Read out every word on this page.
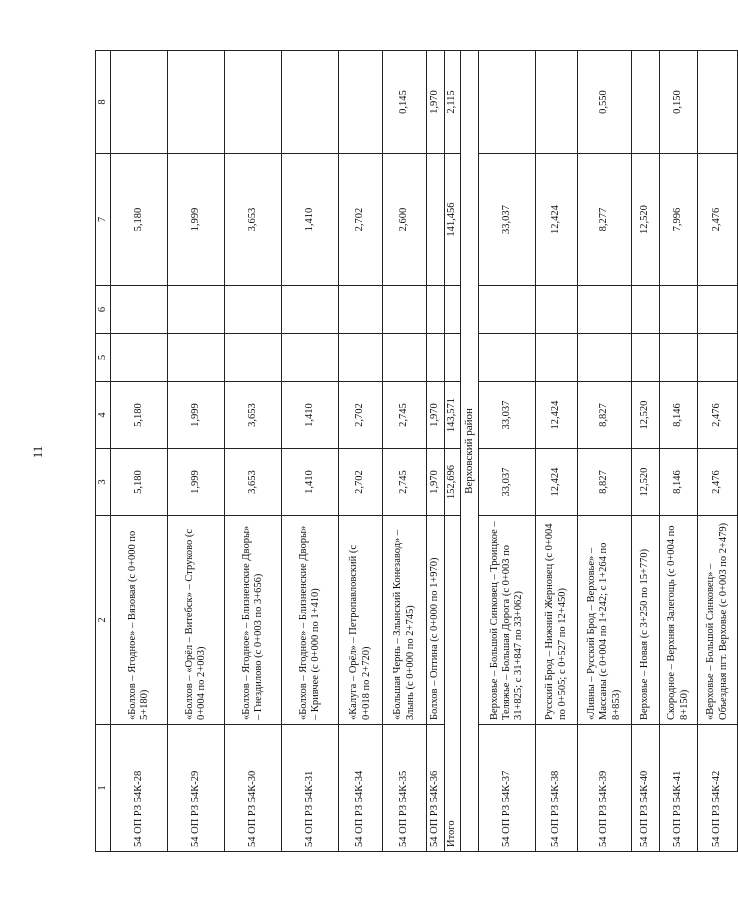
11
1	2	3	4	5	6	7	8
54 ОП РЗ 54К-28	«Болхов – Ягодное» – Вязовая (с 0+000 по 5+180)	5,180	5,180			5,180	
54 ОП РЗ 54К-29	«Болхов – «Орёл – Витебск» – Струково (с 0+004 по 2+003)	1,999	1,999			1,999	
54 ОП РЗ 54К-30	«Болхов – Ягодное» – Близненские Дворы» – Гнездилово (с 0+003 по 3+656)	3,653	3,653			3,653	
54 ОП РЗ 54К-31	«Болхов – Ягодное» – Близненские Дворы» – Кривчее (с 0+000 по 1+410)	1,410	1,410			1,410	
54 ОП РЗ 54К-34	«Калуга – Орёл» – Петропавловский (с 0+018 по 2+720)	2,702	2,702			2,702	
54 ОП РЗ 54К-35	«Большая Чернь – Злынский Конезавод» – Злынь (с 0+000 по 2+745)	2,745	2,745			2,600	0,145
54 ОП РЗ 54К-36	Болхов – Оптина (с 0+000 по 1+970)	1,970	1,970				1,970
Итого		152,696	143,571			141,456	2,115
Верховский район							
54 ОП РЗ 54К-37	Верховье – Большой Синковец – Троицкое – Теляжье – Большая Дорога (с 0+003 по 31+825; с 31+847 по 33+062)	33,037	33,037			33,037	
54 ОП РЗ 54К-38	Русский Брод – Нижний Жерновец (с 0+004 по 0+505; с 0+527 по 12+450)	12,424	12,424			12,424	
54 ОП РЗ 54К-39	«Ливны – Русский Брод – Верховье» – Массаны (с 0+004 по 1+242; с 1+264 по 8+853)	8,827	8,827			8,277	0,550
54 ОП РЗ 54К-40	Верховье – Новая (с 3+250 по 15+770)	12,520	12,520			12,520	
54 ОП РЗ 54К-41	Скородное – Верхняя Залегощь (с 0+004 по 8+150)	8,146	8,146			7,996	0,150
54 ОП РЗ 54К-42	«Верховье – Большой Синковец» – Объездная пгт. Верховье (с 0+003 по 2+479)	2,476	2,476			2,476	
